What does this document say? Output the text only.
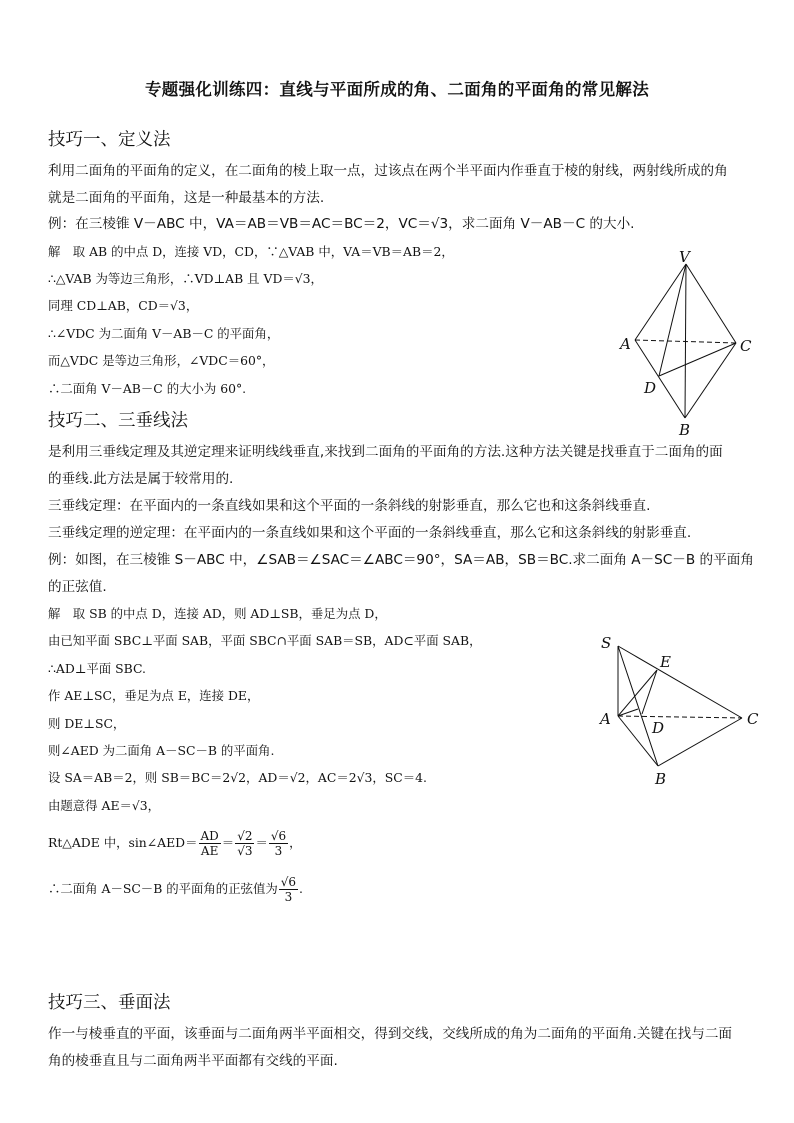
专题强化训练四：直线与平面所成的角、二面角的平面角的常见解法
技巧一、定义法
利用二面角的平面角的定义，在二面角的棱上取一点，过该点在两个半平面内作垂直于棱的射线，两射线所成的角
就是二面角的平面角，这是一种最基本的方法.
例：在三棱锥 V－ABC 中，VA＝AB＝VB＝AC＝BC＝2，VC＝√3，求二面角 V－AB－C 的大小.
解　取 AB 的中点 D，连接 VD，CD，∵△VAB 中，VA＝VB＝AB＝2，
∴△VAB 为等边三角形，∴VD⊥AB 且 VD＝√3，
同理 CD⊥AB，CD＝√3，
∴∠VDC 为二面角 V－AB－C 的平面角，
而△VDC 是等边三角形，∠VDC＝60°，
∴二面角 V－AB－C 的大小为 60°.
V
A	C
D
B
技巧二、三垂线法
是利用三垂线定理及其逆定理来证明线线垂直,来找到二面角的平面角的方法.这种方法关键是找垂直于二面角的面
的垂线.此方法是属于较常用的.
三垂线定理：在平面内的一条直线如果和这个平面的一条斜线的射影垂直，那么它也和这条斜线垂直.
三垂线定理的逆定理：在平面内的一条直线如果和这个平面的一条斜线垂直，那么它和这条斜线的射影垂直.
例：如图，在三棱锥 S－ABC 中，∠SAB＝∠SAC＝∠ABC＝90°，SA＝AB，SB＝BC.求二面角 A－SC－B 的平面角
的正弦值.
解　取 SB 的中点 D，连接 AD，则 AD⊥SB，垂足为点 D，
由已知平面 SBC⊥平面 SAB，平面 SBC∩平面 SAB＝SB，AD⊂平面 SAB，
∴AD⊥平面 SBC.
作 AE⊥SC，垂足为点 E，连接 DE，
则 DE⊥SC，
则∠AED 为二面角 A－SC－B 的平面角.
设 SA＝AB＝2，则 SB＝BC＝2√2，AD＝√2，AC＝2√3，SC＝4.
由题意得 AE＝√3，
Rt△ADE 中，sin∠AED＝ $\frac{AD}{AE} = \frac{√2}{√3} = \frac{√6}{3}$ ，
∴二面角 A－SC－B 的平面角的正弦值为 $\frac{√6}{3}$ .
S
E
A	D	C
B
技巧三、垂面法
作一与棱垂直的平面，该垂面与二面角两半平面相交，得到交线，交线所成的角为二面角的平面角.关键在找与二面
角的棱垂直且与二面角两半平面都有交线的平面.
